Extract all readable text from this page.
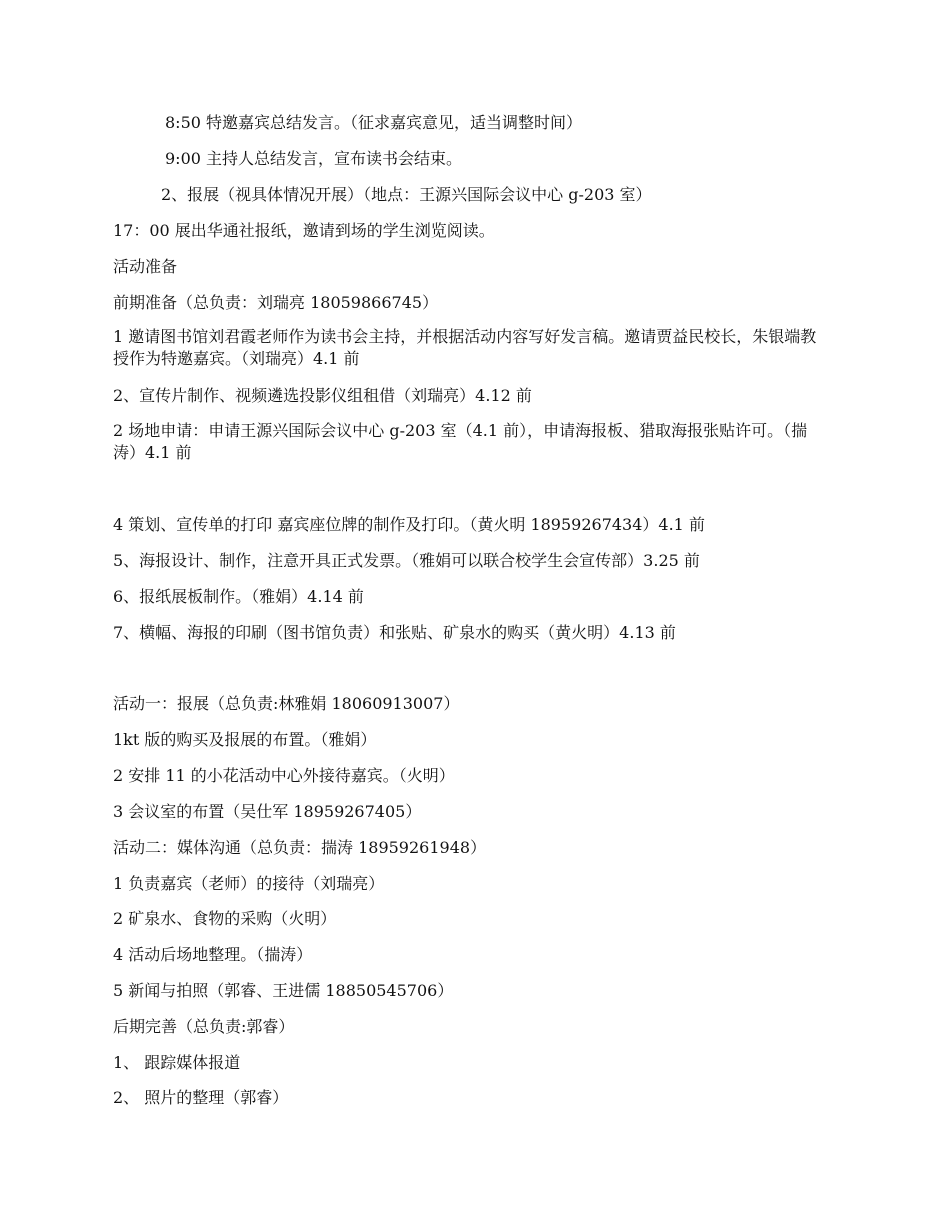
8:50 特邀嘉宾总结发言。（征求嘉宾意见，适当调整时间）
9:00 主持人总结发言，宣布读书会结束。
2、报展（视具体情况开展）（地点：王源兴国际会议中心 g-203 室）
17：00 展出华通社报纸，邀请到场的学生浏览阅读。
活动准备
前期准备（总负责：刘瑞亮 18059866745）
1 邀请图书馆刘君霞老师作为读书会主持，并根据活动内容写好发言稿。邀请贾益民校长，朱银端教授作为特邀嘉宾。（刘瑞亮）4.1 前
2、宣传片制作、视频遴选投影仪组租借（刘瑞亮）4.12 前
2 场地申请：申请王源兴国际会议中心 g-203 室（4.1 前），申请海报板、猎取海报张贴许可。（揣涛）4.1 前
4 策划、宣传单的打印 嘉宾座位牌的制作及打印。（黄火明 18959267434）4.1 前
5、海报设计、制作，注意开具正式发票。（雅娟可以联合校学生会宣传部）3.25 前
6、报纸展板制作。（雅娟）4.14 前
7、横幅、海报的印刷（图书馆负责）和张贴、矿泉水的购买（黄火明）4.13 前
活动一：报展（总负责:林雅娟 18060913007）
1kt 版的购买及报展的布置。（雅娟）
2 安排 11 的小花活动中心外接待嘉宾。（火明）
3 会议室的布置（吴仕军 18959267405）
活动二：媒体沟通（总负责：揣涛 18959261948）
1 负责嘉宾（老师）的接待（刘瑞亮）
2 矿泉水、食物的采购（火明）
4 活动后场地整理。（揣涛）
5 新闻与拍照（郭睿、王进儒 18850545706）
后期完善（总负责:郭睿）
1、 跟踪媒体报道
2、 照片的整理（郭睿）
